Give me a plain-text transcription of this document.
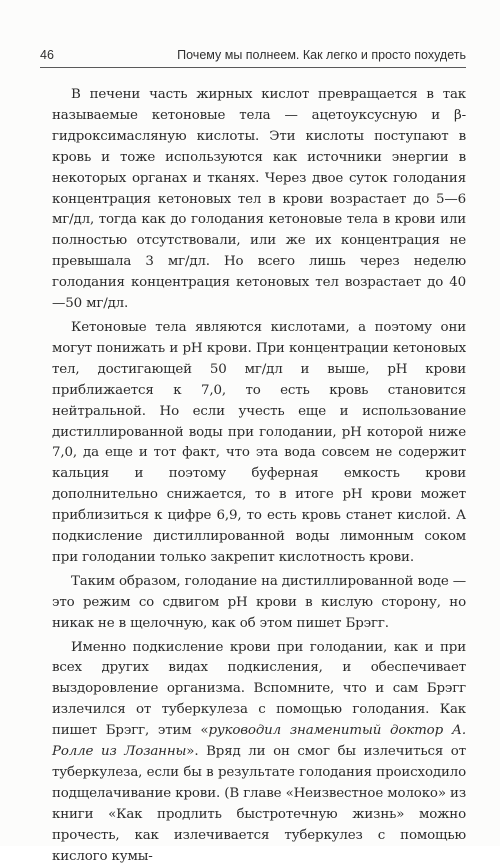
46	Почему мы полнеем. Как легко и просто похудеть

В печени часть жирных кислот превращается в так называемые кетоновые тела — ацетоуксусную и β-гидроксимасляную кислоты. Эти кислоты поступают в кровь и тоже используются как источники энергии в некоторых органах и тканях. Через двое суток голодания концентрация кетоновых тел в крови возрастает до 5—6 мг/дл, тогда как до голодания кетоновые тела в крови или полностью отсутствовали, или же их концентрация не превышала 3 мг/дл. Но всего лишь через неделю голодания концентрация кетоновых тел возрастает до 40—50 мг/дл.

Кетоновые тела являются кислотами, а поэтому они могут понижать и pH крови. При концентрации кетоновых тел, достигающей 50 мг/дл и выше, pH крови приближается к 7,0, то есть кровь становится нейтральной. Но если учесть еще и использование дистиллированной воды при голодании, pH которой ниже 7,0, да еще и тот факт, что эта вода совсем не содержит кальция и поэтому буферная емкость крови дополнительно снижается, то в итоге pH крови может приблизиться к цифре 6,9, то есть кровь станет кислой. А подкисление дистиллированной воды лимонным соком при голодании только закрепит кислотность крови.

Таким образом, голодание на дистиллированной воде — это режим со сдвигом pH крови в кислую сторону, но никак не в щелочную, как об этом пишет Брэгг.

Именно подкисление крови при голодании, как и при всех других видах подкисления, и обеспечивает выздоровление организма. Вспомните, что и сам Брэгг излечился от туберкулеза с помощью голодания. Как пишет Брэгг, этим «руководил знаменитый доктор А. Ролле из Лозанны». Вряд ли он смог бы излечиться от туберкулеза, если бы в результате голодания происходило подщелачивание крови. (В главе «Неизвестное молоко» из книги «Как продлить быстротечную жизнь» можно прочесть, как излечивается туберкулез с помощью кислого кумы-
